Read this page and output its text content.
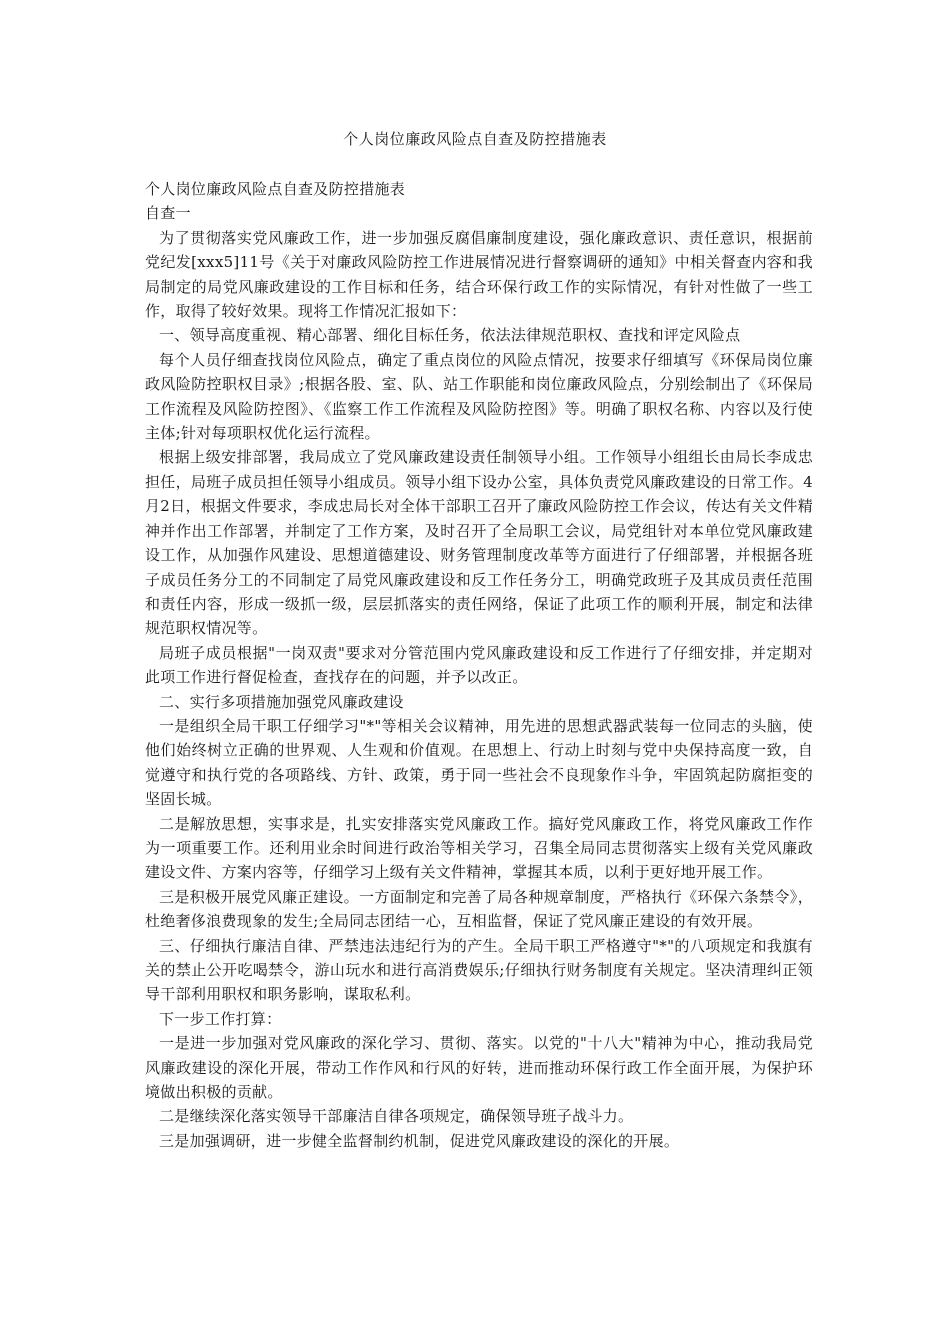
个人岗位廉政风险点自查及防控措施表

个人岗位廉政风险点自查及防控措施表

自查一

为了贯彻落实党风廉政工作，进一步加强反腐倡廉制度建设，强化廉政意识、责任意识，根据前党纪发[xxx5]11号《关于对廉政风险防控工作进展情况进行督察调研的通知》中相关督查内容和我局制定的局党风廉政建设的工作目标和任务，结合环保行政工作的实际情况，有针对性做了一些工作，取得了较好效果。现将工作情况汇报如下：

一、领导高度重视、精心部署、细化目标任务，依法法律规范职权、查找和评定风险点

每个人员仔细查找岗位风险点，确定了重点岗位的风险点情况，按要求仔细填写《环保局岗位廉政风险防控职权目录》;根据各股、室、队、站工作职能和岗位廉政风险点，分别绘制出了《环保局工作流程及风险防控图》、《监察工作工作流程及风险防控图》等。明确了职权名称、内容以及行使主体;针对每项职权优化运行流程。

根据上级安排部署，我局成立了党风廉政建设责任制领导小组。工作领导小组组长由局长李成忠担任，局班子成员担任领导小组成员。领导小组下设办公室，具体负责党风廉政建设的日常工作。4月2日，根据文件要求，李成忠局长对全体干部职工召开了廉政风险防控工作会议，传达有关文件精神并作出工作部署，并制定了工作方案，及时召开了全局职工会议，局党组针对本单位党风廉政建设工作，从加强作风建设、思想道德建设、财务管理制度改革等方面进行了仔细部署，并根据各班子成员任务分工的不同制定了局党风廉政建设和反工作任务分工，明确党政班子及其成员责任范围和责任内容，形成一级抓一级，层层抓落实的责任网络，保证了此项工作的顺利开展，制定和法律规范职权情况等。

局班子成员根据"一岗双责"要求对分管范围内党风廉政建设和反工作进行了仔细安排，并定期对此项工作进行督促检查，查找存在的问题，并予以改正。

二、实行多项措施加强党风廉政建设

一是组织全局干职工仔细学习"*"等相关会议精神，用先进的思想武器武装每一位同志的头脑，使他们始终树立正确的世界观、人生观和价值观。在思想上、行动上时刻与党中央保持高度一致，自觉遵守和执行党的各项路线、方针、政策，勇于同一些社会不良现象作斗争，牢固筑起防腐拒变的坚固长城。

二是解放思想，实事求是，扎实安排落实党风廉政工作。搞好党风廉政工作，将党风廉政工作作为一项重要工作。还利用业余时间进行政治等相关学习，召集全局同志贯彻落实上级有关党风廉政建设文件、方案内容等，仔细学习上级有关文件精神，掌握其本质，以利于更好地开展工作。

三是积极开展党风廉正建设。一方面制定和完善了局各种规章制度，严格执行《环保六条禁令》，杜绝奢侈浪费现象的发生;全局同志团结一心，互相监督，保证了党风廉正建设的有效开展。

三、仔细执行廉洁自律、严禁违法违纪行为的产生。全局干职工严格遵守"*"的八项规定和我旗有关的禁止公开吃喝禁令，游山玩水和进行高消费娱乐;仔细执行财务制度有关规定。坚决清理纠正领导干部利用职权和职务影响，谋取私利。

下一步工作打算：

一是进一步加强对党风廉政的深化学习、贯彻、落实。以党的"十八大"精神为中心，推动我局党风廉政建设的深化开展，带动工作作风和行风的好转，进而推动环保行政工作全面开展，为保护环境做出积极的贡献。

二是继续深化落实领导干部廉洁自律各项规定，确保领导班子战斗力。

三是加强调研，进一步健全监督制约机制，促进党风廉政建设的深化的开展。
